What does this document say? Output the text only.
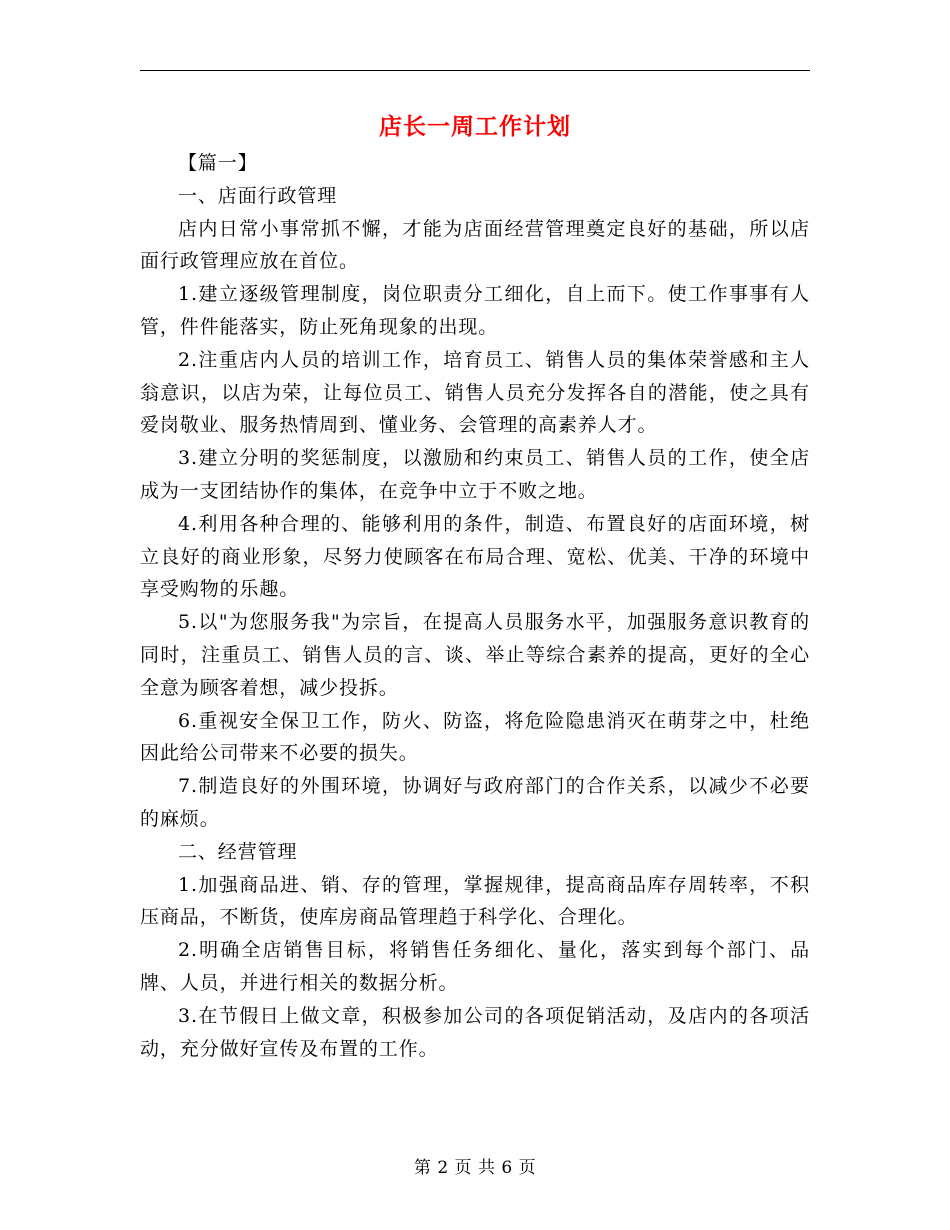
店长一周工作计划

【篇一】

一、店面行政管理

店内日常小事常抓不懈，才能为店面经营管理奠定良好的基础，所以店面行政管理应放在首位。

1.建立逐级管理制度，岗位职责分工细化，自上而下。使工作事事有人管，件件能落实，防止死角现象的出现。

2.注重店内人员的培训工作，培育员工、销售人员的集体荣誉感和主人翁意识，以店为荣，让每位员工、销售人员充分发挥各自的潜能，使之具有爱岗敬业、服务热情周到、懂业务、会管理的高素养人才。

3.建立分明的奖惩制度，以激励和约束员工、销售人员的工作，使全店成为一支团结协作的集体，在竞争中立于不败之地。

4.利用各种合理的、能够利用的条件，制造、布置良好的店面环境，树立良好的商业形象，尽努力使顾客在布局合理、宽松、优美、干净的环境中享受购物的乐趣。

5.以"为您服务我"为宗旨，在提高人员服务水平，加强服务意识教育的同时，注重员工、销售人员的言、谈、举止等综合素养的提高，更好的全心全意为顾客着想，减少投拆。

6.重视安全保卫工作，防火、防盗，将危险隐患消灭在萌芽之中，杜绝因此给公司带来不必要的损失。

7.制造良好的外围环境，协调好与政府部门的合作关系，以减少不必要的麻烦。

二、经营管理

1.加强商品进、销、存的管理，掌握规律，提高商品库存周转率，不积压商品，不断货，使库房商品管理趋于科学化、合理化。

2.明确全店销售目标，将销售任务细化、量化，落实到每个部门、品牌、人员，并进行相关的数据分析。

3.在节假日上做文章，积极参加公司的各项促销活动，及店内的各项活动，充分做好宣传及布置的工作。

第 2 页 共 6 页
